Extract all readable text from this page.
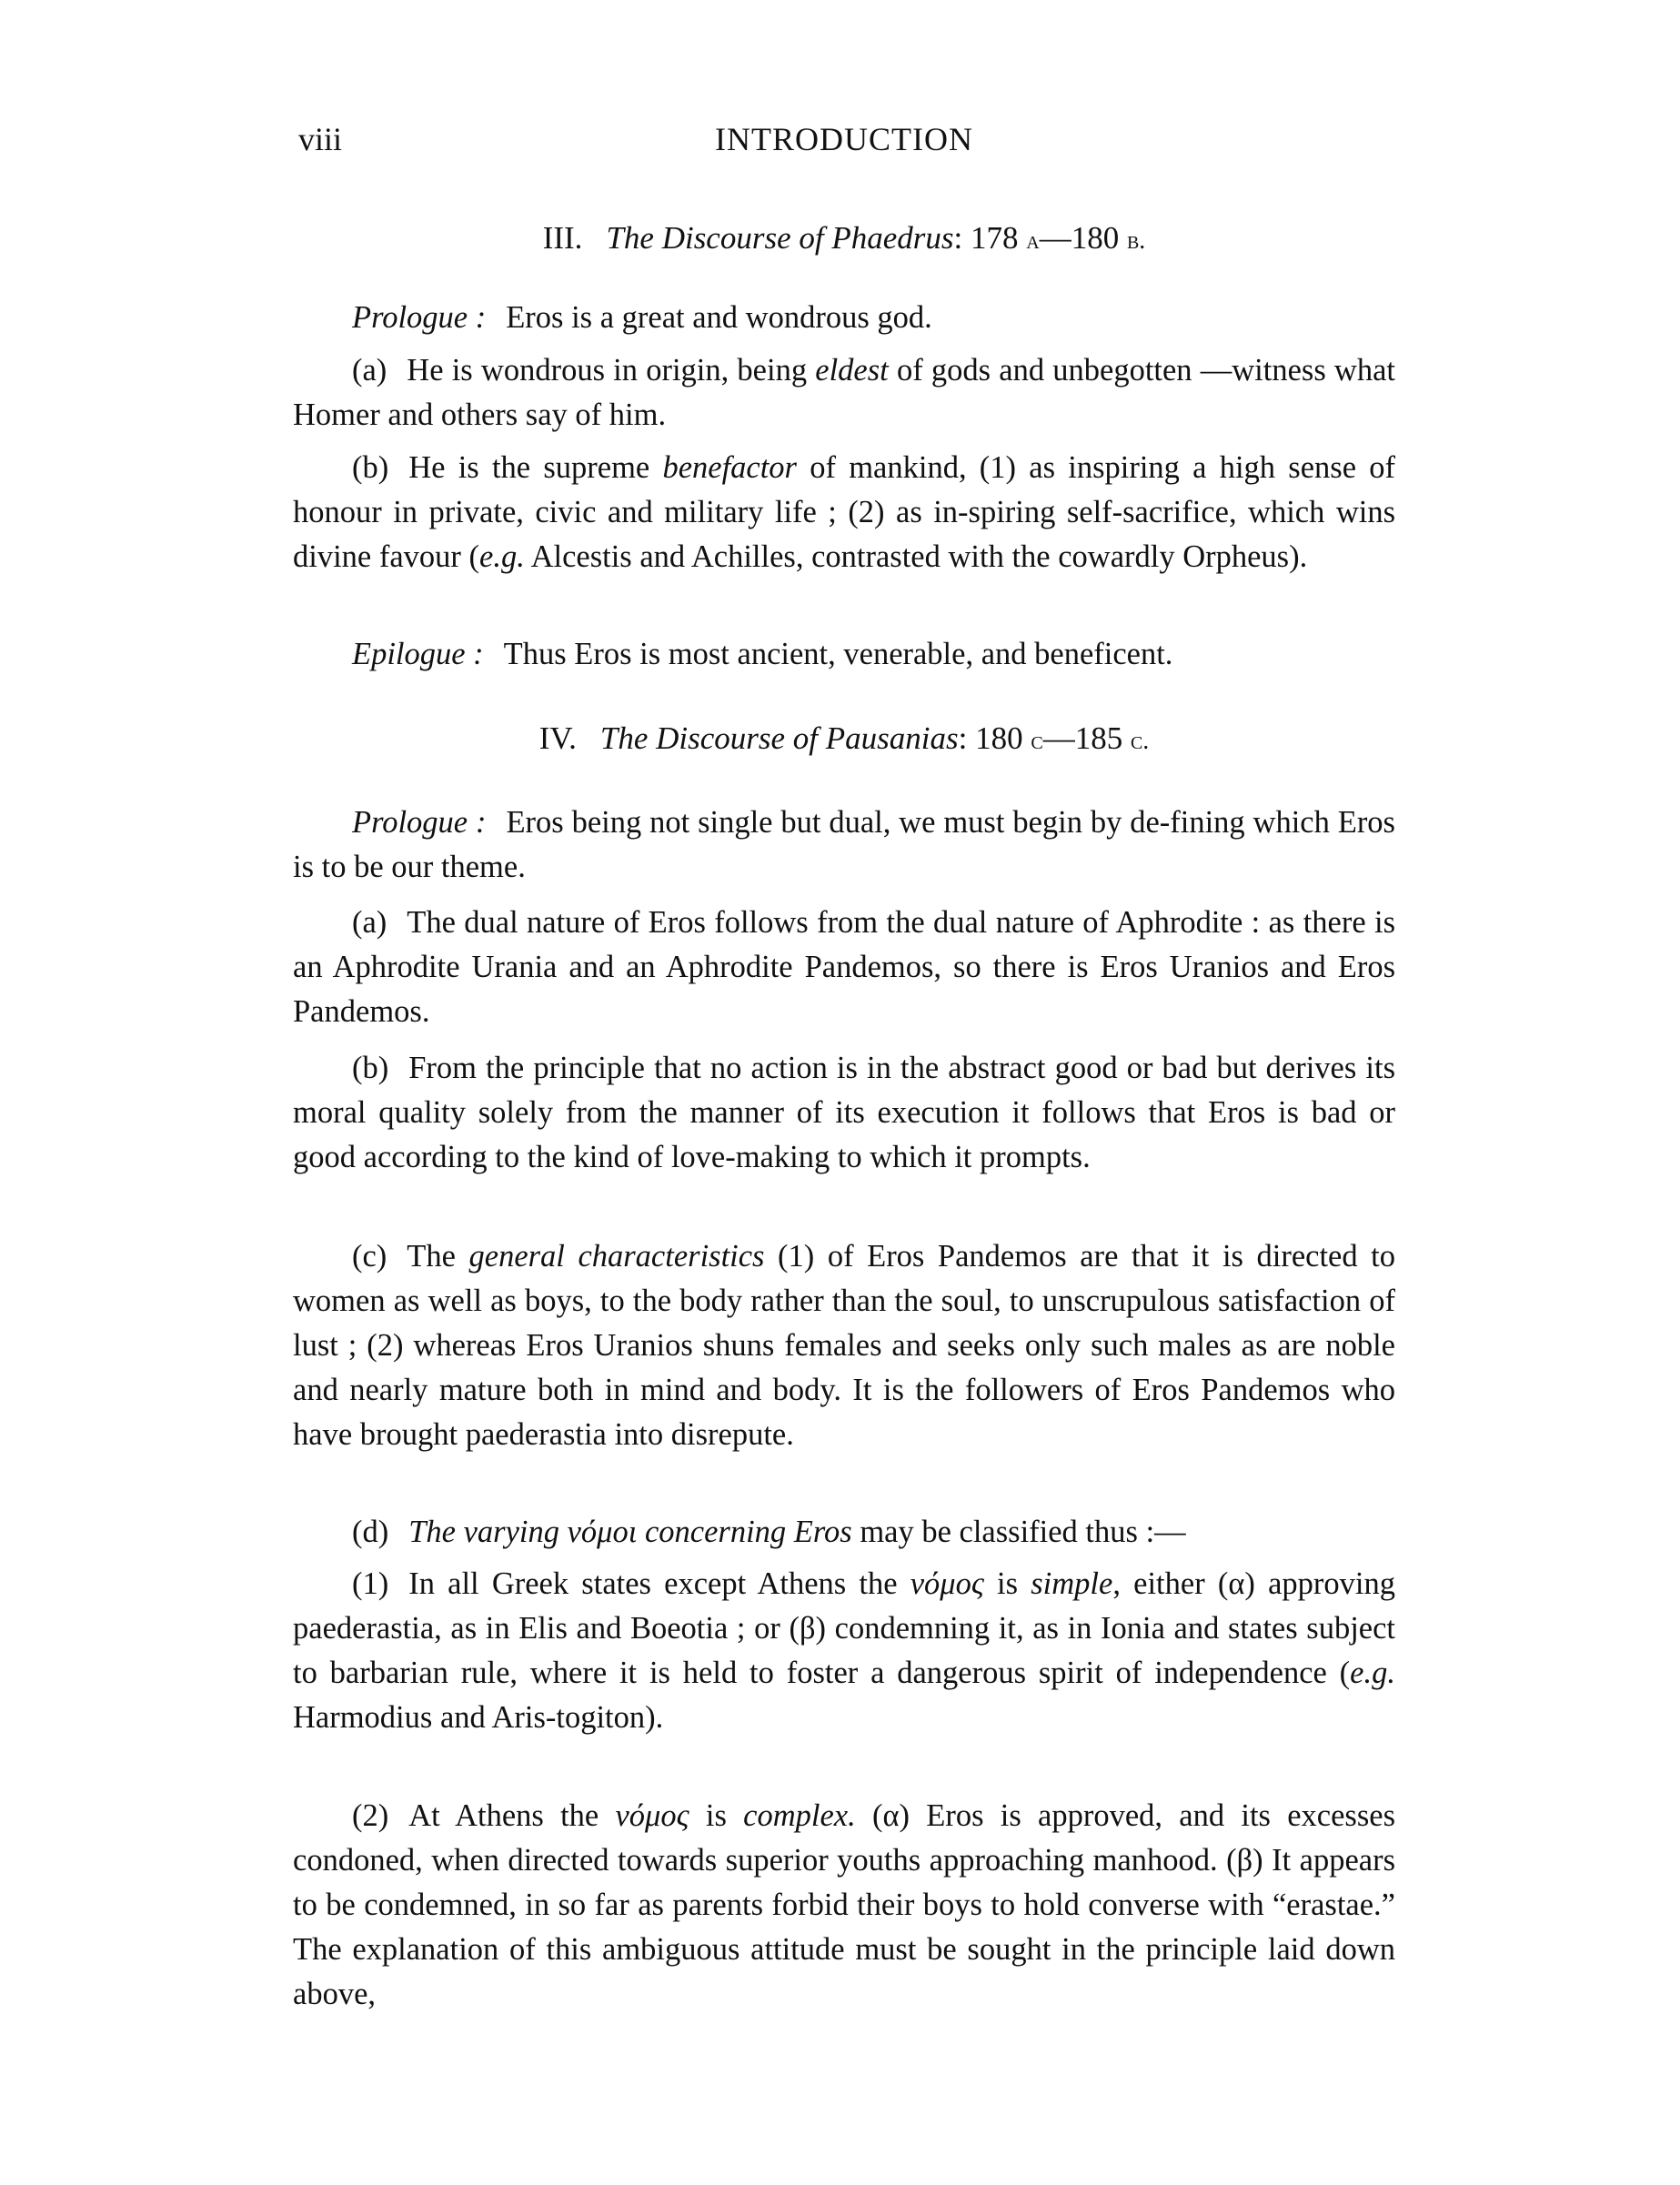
viii	INTRODUCTION
III. The Discourse of Phaedrus: 178 a—180 b.

Prologue : Eros is a great and wondrous god.

(a) He is wondrous in origin, being eldest of gods and unbegotten —witness what Homer and others say of him.

(b) He is the supreme benefactor of mankind, (1) as inspiring a high sense of honour in private, civic and military life ; (2) as in-spiring self-sacrifice, which wins divine favour (e.g. Alcestis and Achilles, contrasted with the cowardly Orpheus).

Epilogue : Thus Eros is most ancient, venerable, and beneficent.

IV. The Discourse of Pausanias: 180 c—185 c.

Prologue : Eros being not single but dual, we must begin by de-fining which Eros is to be our theme.

(a) The dual nature of Eros follows from the dual nature of Aphrodite : as there is an Aphrodite Urania and an Aphrodite Pandemos, so there is Eros Uranios and Eros Pandemos.

(b) From the principle that no action is in the abstract good or bad but derives its moral quality solely from the manner of its execution it follows that Eros is bad or good according to the kind of love-making to which it prompts.

(c) The general characteristics (1) of Eros Pandemos are that it is directed to women as well as boys, to the body rather than the soul, to unscrupulous satisfaction of lust ; (2) whereas Eros Uranios shuns females and seeks only such males as are noble and nearly mature both in mind and body. It is the followers of Eros Pandemos who have brought paederastia into disrepute.

(d) The varying νόμοι concerning Eros may be classified thus :—

(1) In all Greek states except Athens the νόμος is simple, either (α) approving paederastia, as in Elis and Boeotia ; or (β) condemning it, as in Ionia and states subject to barbarian rule, where it is held to foster a dangerous spirit of independence (e.g. Harmodius and Aris-togiton).

(2) At Athens the νόμος is complex. (α) Eros is approved, and its excesses condoned, when directed towards superior youths approaching manhood. (β) It appears to be condemned, in so far as parents forbid their boys to hold converse with “erastae.” The explanation of this ambiguous attitude must be sought in the principle laid down above,
